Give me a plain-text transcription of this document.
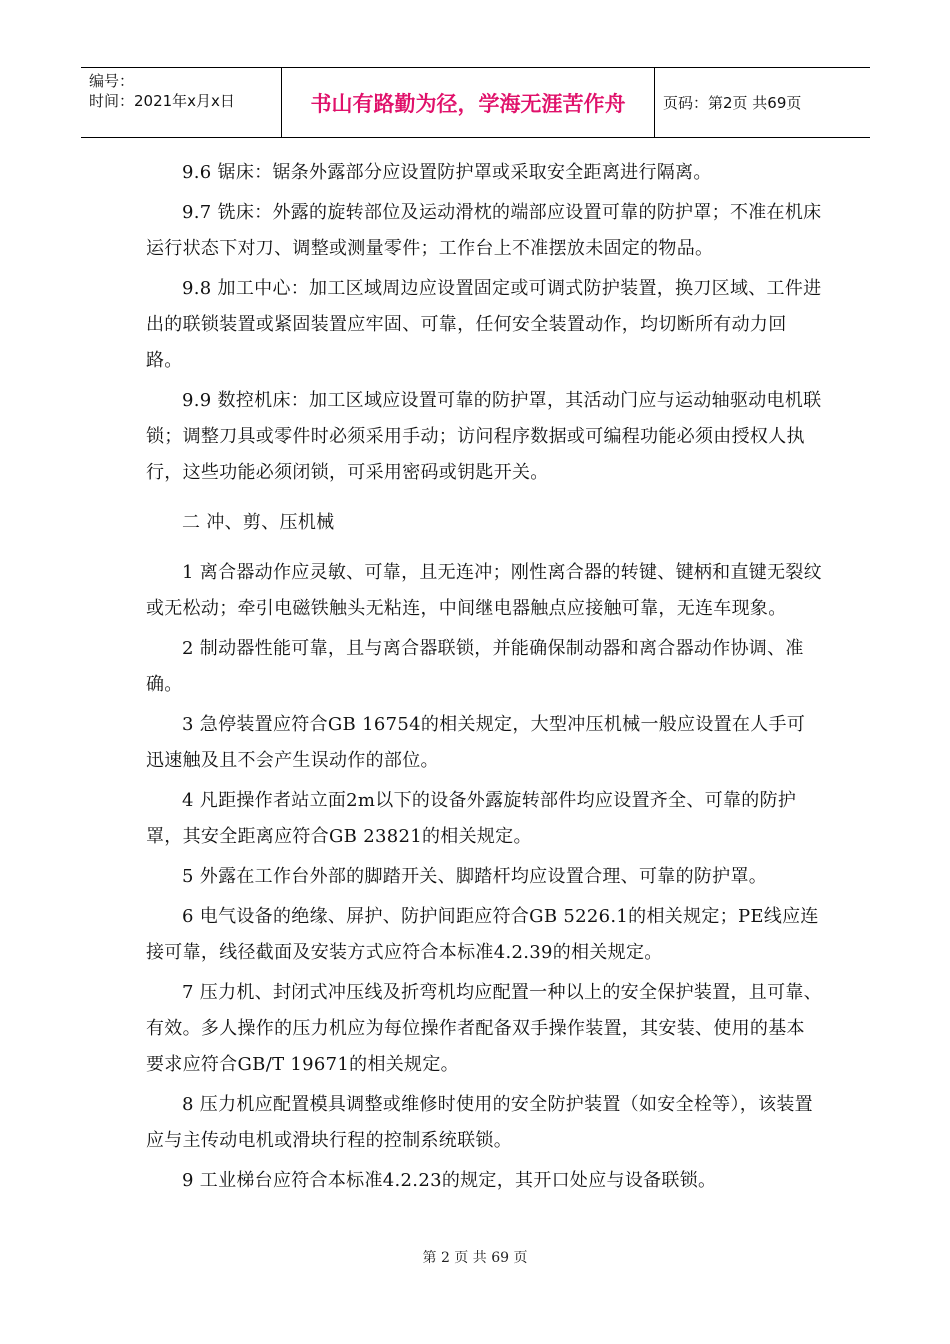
编号：
时间：2021年x月x日	书山有路勤为径，学海无涯苦作舟	页码：第2页 共69页

9.6 锯床：锯条外露部分应设置防护罩或采取安全距离进行隔离。

9.7 铣床：外露的旋转部位及运动滑枕的端部应设置可靠的防护罩；不准在机床运行状态下对刀、调整或测量零件；工作台上不准摆放未固定的物品。

9.8 加工中心：加工区域周边应设置固定或可调式防护装置，换刀区域、工件进出的联锁装置或紧固装置应牢固、可靠，任何安全装置动作，均切断所有动力回路。

9.9 数控机床：加工区域应设置可靠的防护罩，其活动门应与运动轴驱动电机联锁；调整刀具或零件时必须采用手动；访问程序数据或可编程功能必须由授权人执行，这些功能必须闭锁，可采用密码或钥匙开关。

二 冲、剪、压机械

1 离合器动作应灵敏、可靠，且无连冲；刚性离合器的转键、键柄和直键无裂纹或无松动；牵引电磁铁触头无粘连，中间继电器触点应接触可靠，无连车现象。

2 制动器性能可靠，且与离合器联锁，并能确保制动器和离合器动作协调、准确。

3 急停装置应符合GB 16754的相关规定，大型冲压机械一般应设置在人手可迅速触及且不会产生误动作的部位。

4 凡距操作者站立面2m以下的设备外露旋转部件均应设置齐全、可靠的防护罩，其安全距离应符合GB 23821的相关规定。

5 外露在工作台外部的脚踏开关、脚踏杆均应设置合理、可靠的防护罩。

6 电气设备的绝缘、屏护、防护间距应符合GB 5226.1的相关规定；PE线应连接可靠，线径截面及安装方式应符合本标准4.2.39的相关规定。

7 压力机、封闭式冲压线及折弯机均应配置一种以上的安全保护装置，且可靠、有效。多人操作的压力机应为每位操作者配备双手操作装置，其安装、使用的基本要求应符合GB/T 19671的相关规定。

8 压力机应配置模具调整或维修时使用的安全防护装置（如安全栓等），该装置应与主传动电机或滑块行程的控制系统联锁。

9 工业梯台应符合本标准4.2.23的规定，其开口处应与设备联锁。

第 2 页 共 69 页
